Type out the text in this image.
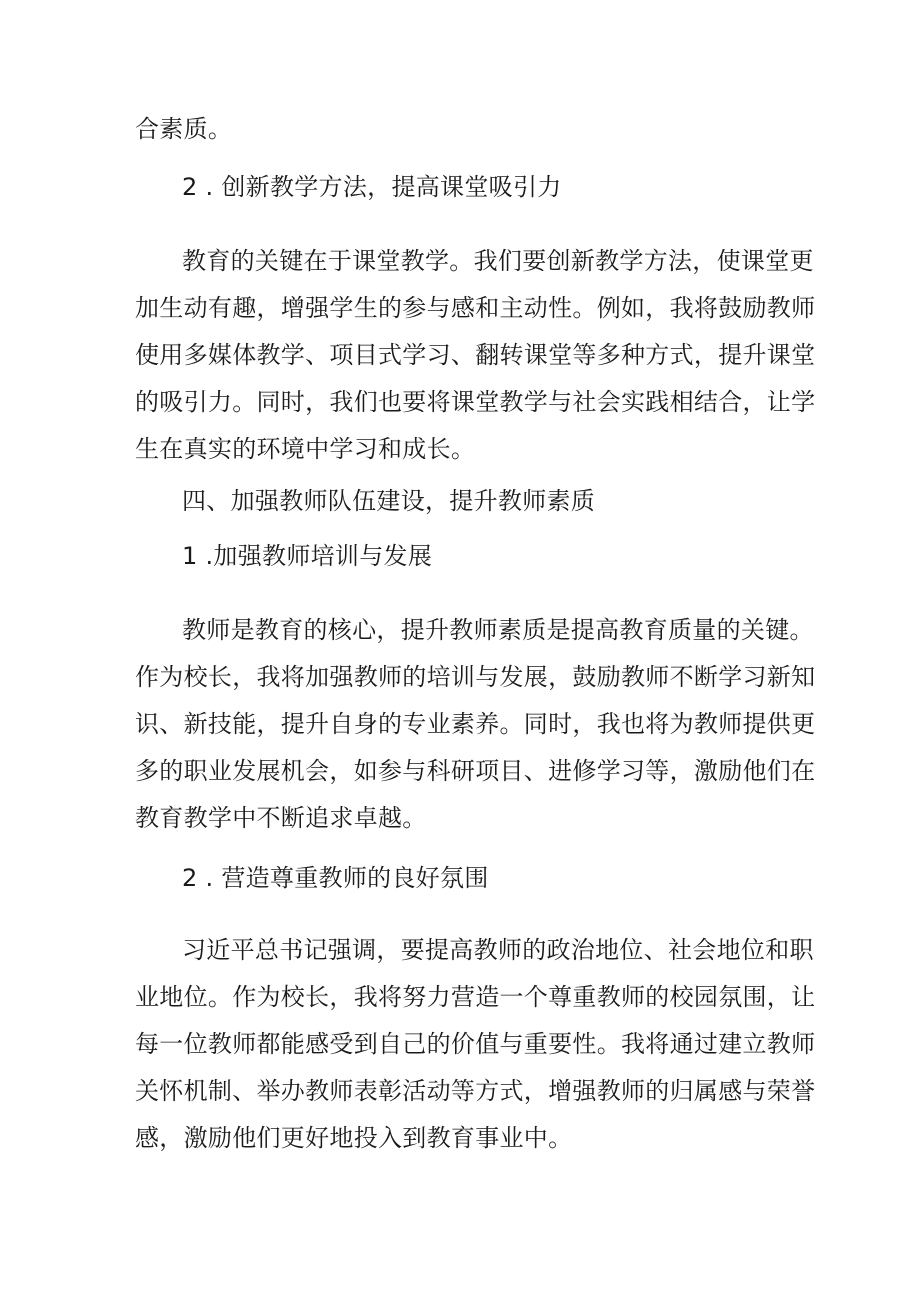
合素质。
2 . 创新教学方法，提高课堂吸引力
教育的关键在于课堂教学。我们要创新教学方法，使课堂更
加生动有趣，增强学生的参与感和主动性。例如，我将鼓励教师
使用多媒体教学、项目式学习、翻转课堂等多种方式，提升课堂
的吸引力。同时，我们也要将课堂教学与社会实践相结合，让学
生在真实的环境中学习和成长。
四、加强教师队伍建设，提升教师素质
1 .加强教师培训与发展
教师是教育的核心，提升教师素质是提高教育质量的关键。
作为校长，我将加强教师的培训与发展，鼓励教师不断学习新知
识、新技能，提升自身的专业素养。同时，我也将为教师提供更
多的职业发展机会，如参与科研项目、进修学习等，激励他们在
教育教学中不断追求卓越。
2 . 营造尊重教师的良好氛围
习近平总书记强调，要提高教师的政治地位、社会地位和职
业地位。作为校长，我将努力营造一个尊重教师的校园氛围，让
每一位教师都能感受到自己的价值与重要性。我将通过建立教师
关怀机制、举办教师表彰活动等方式，增强教师的归属感与荣誉
感，激励他们更好地投入到教育事业中。
